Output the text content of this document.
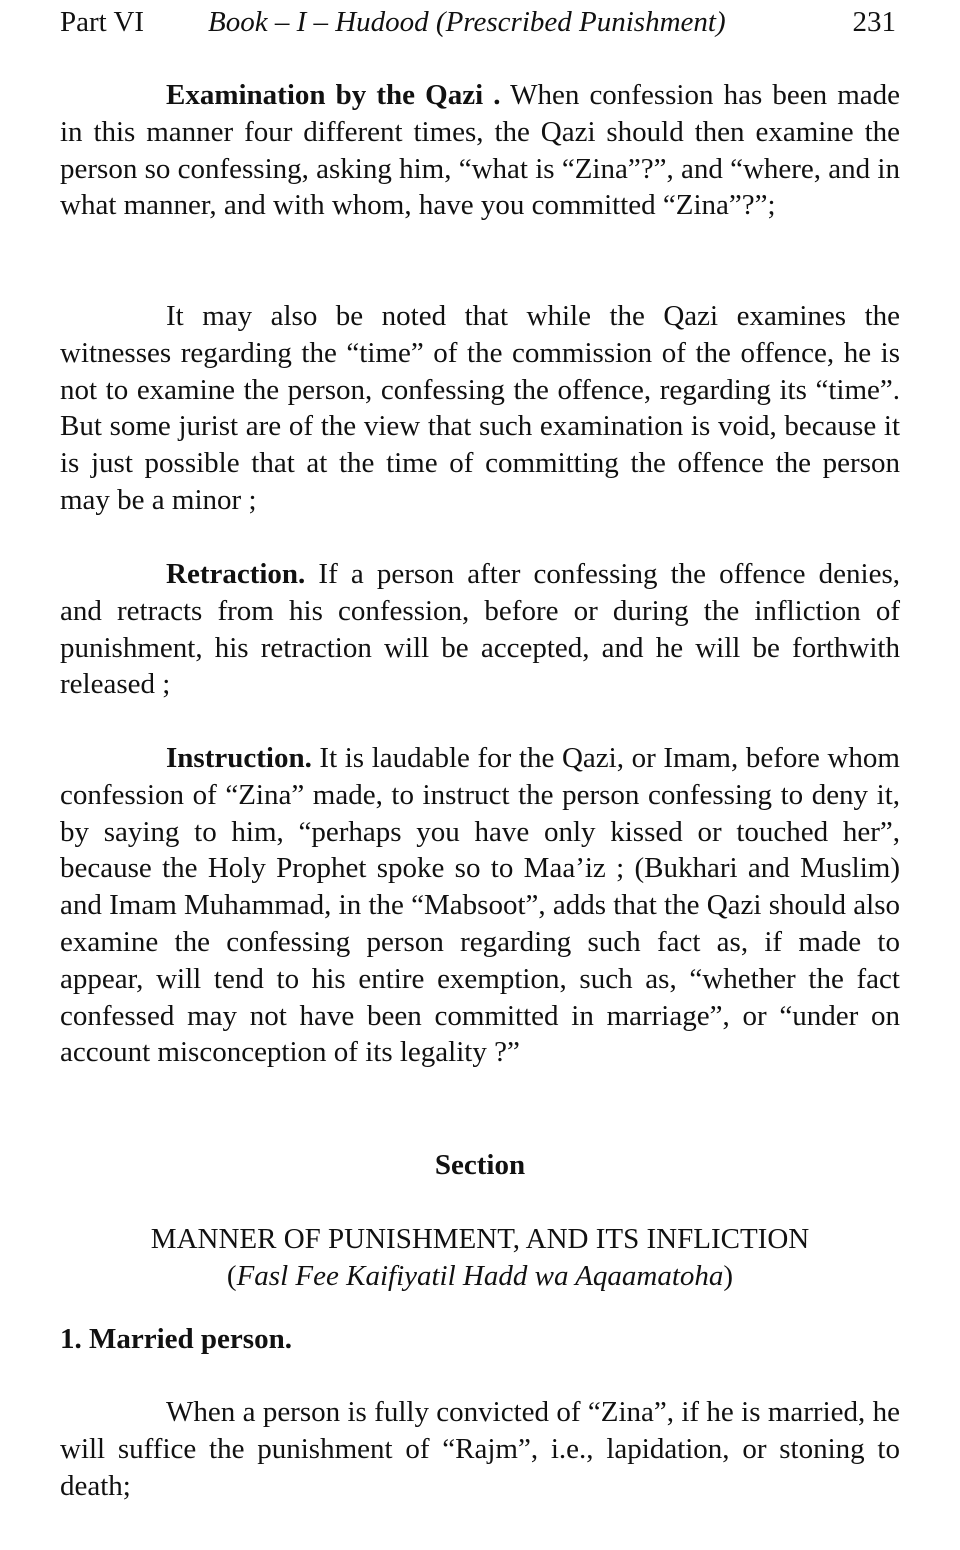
Part VI Book – I – Hudood (Prescribed Punishment)	231

Examination by the Qazi . When confession has been made in this manner four different times, the Qazi should then examine the person so confessing, asking him, “what is “Zina”?”, and “where, and in what manner, and with whom, have you committed “Zina”?”;

It may also be noted that while the Qazi examines the witnesses regarding the “time” of the commission of the offence, he is not to examine the person, confessing the offence, regarding its “time”. But some jurist are of the view that such examination is void, because it is just possible that at the time of committing the offence the person may be a minor ;

Retraction. If a person after confessing the offence denies, and retracts from his confession, before or during the infliction of punishment, his retraction will be accepted, and he will be forthwith released ;

Instruction. It is laudable for the Qazi, or Imam, before whom confession of “Zina” made, to instruct the person confessing to deny it, by saying to him, “perhaps you have only kissed or touched her”, because the Holy Prophet spoke so to Maa’iz ; (Bukhari and Muslim) and Imam Muhammad, in the “Mabsoot”, adds that the Qazi should also examine the confessing person regarding such fact as, if made to appear, will tend to his entire exemption, such as, “whether the fact confessed may not have been committed in marriage”, or “under on account misconception of its legality ?”

Section

MANNER OF PUNISHMENT, AND ITS INFLICTION

(Fasl Fee Kaifiyatil Hadd wa Aqaamatoha)

1. Married person.

When a person is fully convicted of “Zina”, if he is married, he will suffice the punishment of “Rajm”, i.e., lapidation, or stoning to death;
